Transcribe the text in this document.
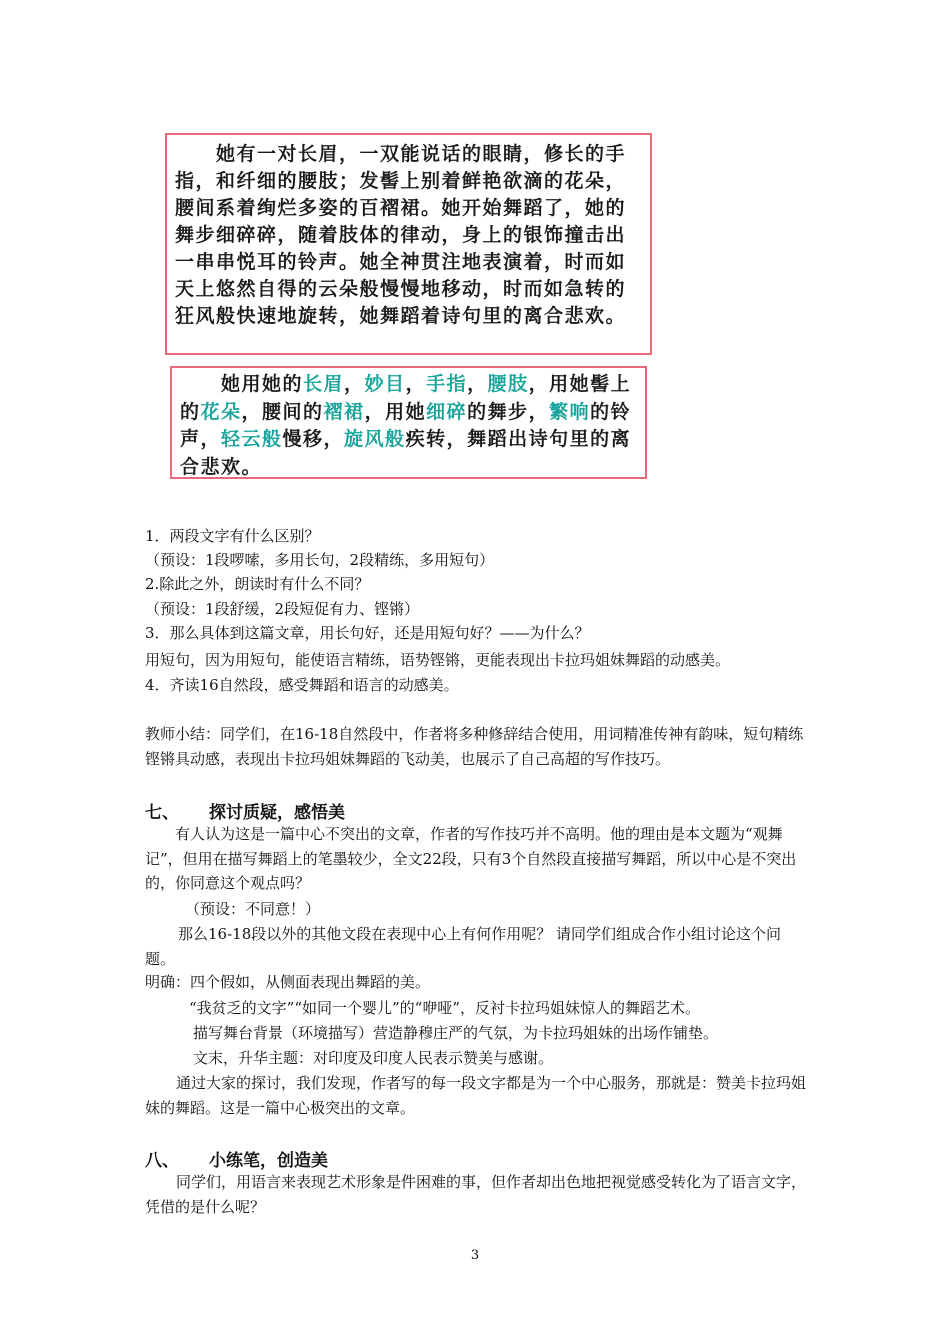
　　她有一对长眉，一双能说话的眼睛，修长的手指，和纤细的腰肢；发髻上别着鲜艳欲滴的花朵，腰间系着绚烂多姿的百褶裙。她开始舞蹈了，她的舞步细碎碎，随着肢体的律动，身上的银饰撞击出一串串悦耳的铃声。她全神贯注地表演着，时而如天上悠然自得的云朵般慢慢地移动，时而如急转的狂风般快速地旋转，她舞蹈着诗句里的离合悲欢。
　　她用她的长眉，妙目，手指，腰肢，用她髻上的花朵，腰间的褶裙，用她细碎的舞步，繁响的铃声，轻云般慢移，旋风般疾转，舞蹈出诗句里的离合悲欢。
1．两段文字有什么区别？
（预设：1段啰嗦，多用长句，2段精练，多用短句）
2.除此之外，朗读时有什么不同？
（预设：1段舒缓，2段短促有力、铿锵）
3．那么具体到这篇文章，用长句好，还是用短句好？——为什么？
用短句，因为用短句，能使语言精练，语势铿锵，更能表现出卡拉玛姐妹舞蹈的动感美。
4．齐读16自然段，感受舞蹈和语言的动感美。
教师小结：同学们，在16-18自然段中，作者将多种修辞结合使用，用词精准传神有韵味，短句精练铿锵具动感，表现出卡拉玛姐妹舞蹈的飞动美，也展示了自己高超的写作技巧。
七、 探讨质疑，感悟美
有人认为这是一篇中心不突出的文章，作者的写作技巧并不高明。他的理由是本文题为“观舞记”，但用在描写舞蹈上的笔墨较少，全文22段，只有3个自然段直接描写舞蹈，所以中心是不突出的，你同意这个观点吗？
（预设：不同意！）
那么16-18段以外的其他文段在表现中心上有何作用呢？ 请同学们组成合作小组讨论这个问题。
明确：四个假如，从侧面表现出舞蹈的美。
“我贫乏的文字”“如同一个婴儿”的“咿哑”，反衬卡拉玛姐妹惊人的舞蹈艺术。
描写舞台背景（环境描写）营造静穆庄严的气氛，为卡拉玛姐妹的出场作铺垫。
文末，升华主题：对印度及印度人民表示赞美与感谢。
通过大家的探讨，我们发现，作者写的每一段文字都是为一个中心服务，那就是：赞美卡拉玛姐妹的舞蹈。这是一篇中心极突出的文章。
八、 小练笔，创造美
同学们，用语言来表现艺术形象是件困难的事，但作者却出色地把视觉感受转化为了语言文字，凭借的是什么呢？
3
